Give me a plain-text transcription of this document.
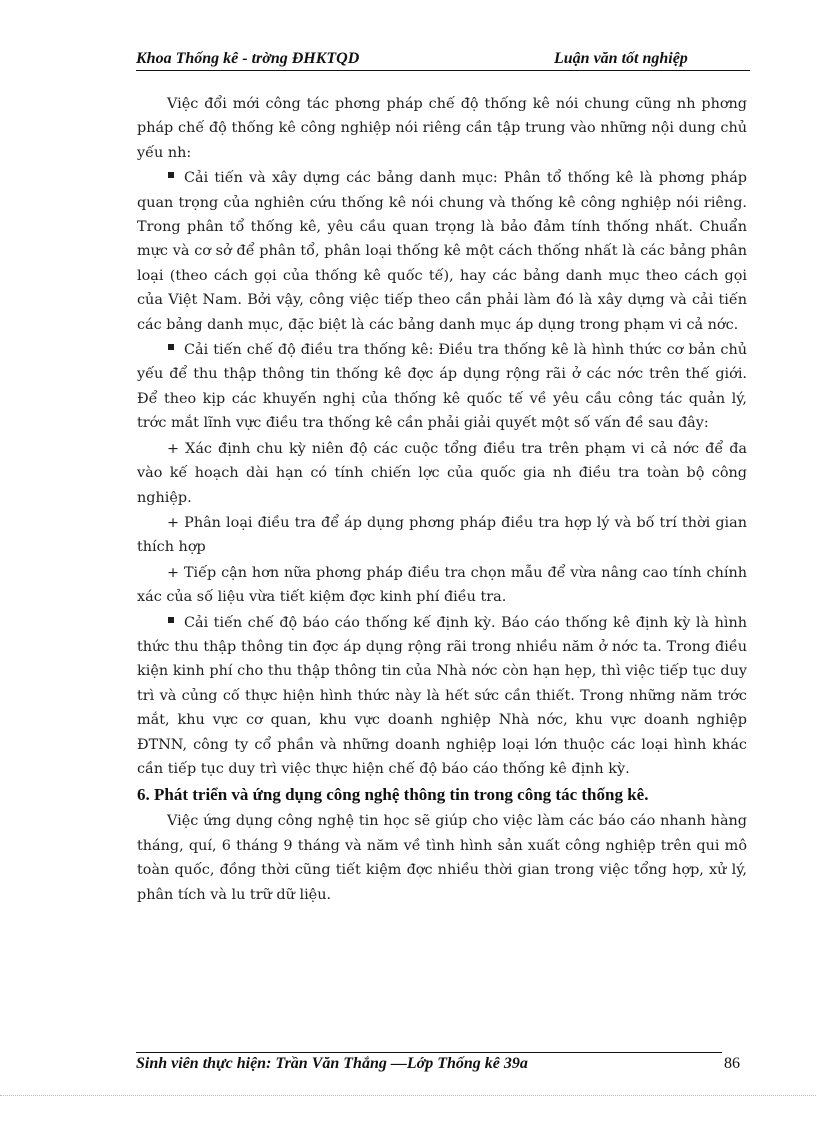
Khoa Thống kê - trờng ĐHKTQD	Luận văn tốt nghiệp

Việc đổi mới công tác phơng pháp chế độ thống kê nói chung cũng nh phơng pháp chế độ thống kê công nghiệp nói riêng cần tập trung vào những nội dung chủ yếu nh:

Cải tiến và xây dựng các bảng danh mục: Phân tổ thống kê là phơng pháp quan trọng của nghiên cứu thống kê nói chung và thống kê công nghiệp nói riêng. Trong phân tổ thống kê, yêu cầu quan trọng là bảo đảm tính thống nhất. Chuẩn mực và cơ sở để phân tổ, phân loại thống kê một cách thống nhất là các bảng phân loại (theo cách gọi của thống kê quốc tế), hay các bảng danh mục theo cách gọi của Việt Nam. Bởi vậy, công việc tiếp theo cần phải làm đó là xây dựng và cải tiến các bảng danh mục, đặc biệt là các bảng danh mục áp dụng trong phạm vi cả nớc.

Cải tiến chế độ điều tra thống kê: Điều tra thống kê là hình thức cơ bản chủ yếu để thu thập thông tin thống kê đợc áp dụng rộng rãi ở các nớc trên thế giới. Để theo kịp các khuyến nghị của thống kê quốc tế về yêu cầu công tác quản lý, trớc mắt lĩnh vực điều tra thống kê cần phải giải quyết một số vấn đề sau đây:

+ Xác định chu kỳ niên độ các cuộc tổng điều tra trên phạm vi cả nớc để đa vào kế hoạch dài hạn có tính chiến lợc của quốc gia nh điều tra toàn bộ công nghiệp.

+ Phân loại điều tra để áp dụng phơng pháp điều tra hợp lý và bố trí thời gian thích hợp

+ Tiếp cận hơn nữa phơng pháp điều tra chọn mẫu để vừa nâng cao tính chính xác của số liệu vừa tiết kiệm đợc kinh phí điều tra.

Cải tiến chế độ báo cáo thống kế định kỳ. Báo cáo thống kê định kỳ là hình thức thu thập thông tin đợc áp dụng rộng rãi trong nhiều năm ở nớc ta. Trong điều kiện kinh phí cho thu thập thông tin của Nhà nớc còn hạn hẹp, thì việc tiếp tục duy trì và củng cố thực hiện hình thức này là hết sức cần thiết. Trong những năm trớc mắt, khu vực cơ quan, khu vực doanh nghiệp Nhà nớc, khu vực doanh nghiệp ĐTNN, công ty cổ phần và những doanh nghiệp loại lớn thuộc các loại hình khác cần tiếp tục duy trì việc thực hiện chế độ báo cáo thống kê định kỳ.

6. Phát triển và ứng dụng công nghệ thông tin trong công tác thống kê.

Việc ứng dụng công nghệ tin học sẽ giúp cho việc làm các báo cáo nhanh hàng tháng, quí, 6 tháng 9 tháng và năm về tình hình sản xuất công nghiệp trên qui mô toàn quốc, đồng thời cũng tiết kiệm đợc nhiều thời gian trong việc tổng hợp, xử lý, phân tích và lu trữ dữ liệu.

Sinh viên thực hiện: Trần Văn Thắng —Lớp Thống kê 39a	86
